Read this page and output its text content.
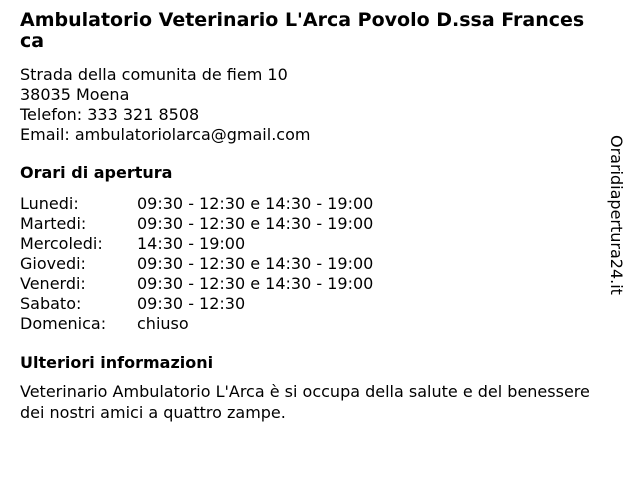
Ambulatorio Veterinario L'Arca Povolo D.ssa Francesca
Strada della comunita de fiem 10
38035 Moena
Telefon: 333 321 8508
Email: ambulatoriolarca@gmail.com
Orari di apertura
Lunedi:	09:30 - 12:30 e 14:30 - 19:00
Martedi:	09:30 - 12:30 e 14:30 - 19:00
Mercoledi:	14:30 - 19:00
Giovedi:	09:30 - 12:30 e 14:30 - 19:00
Venerdi:	09:30 - 12:30 e 14:30 - 19:00
Sabato:	09:30 - 12:30
Domenica:	chiuso
Ulteriori informazioni
Veterinario Ambulatorio L'Arca è si occupa della salute e del benessere dei nostri amici a quattro zampe.
Oraridiapertura24.it
